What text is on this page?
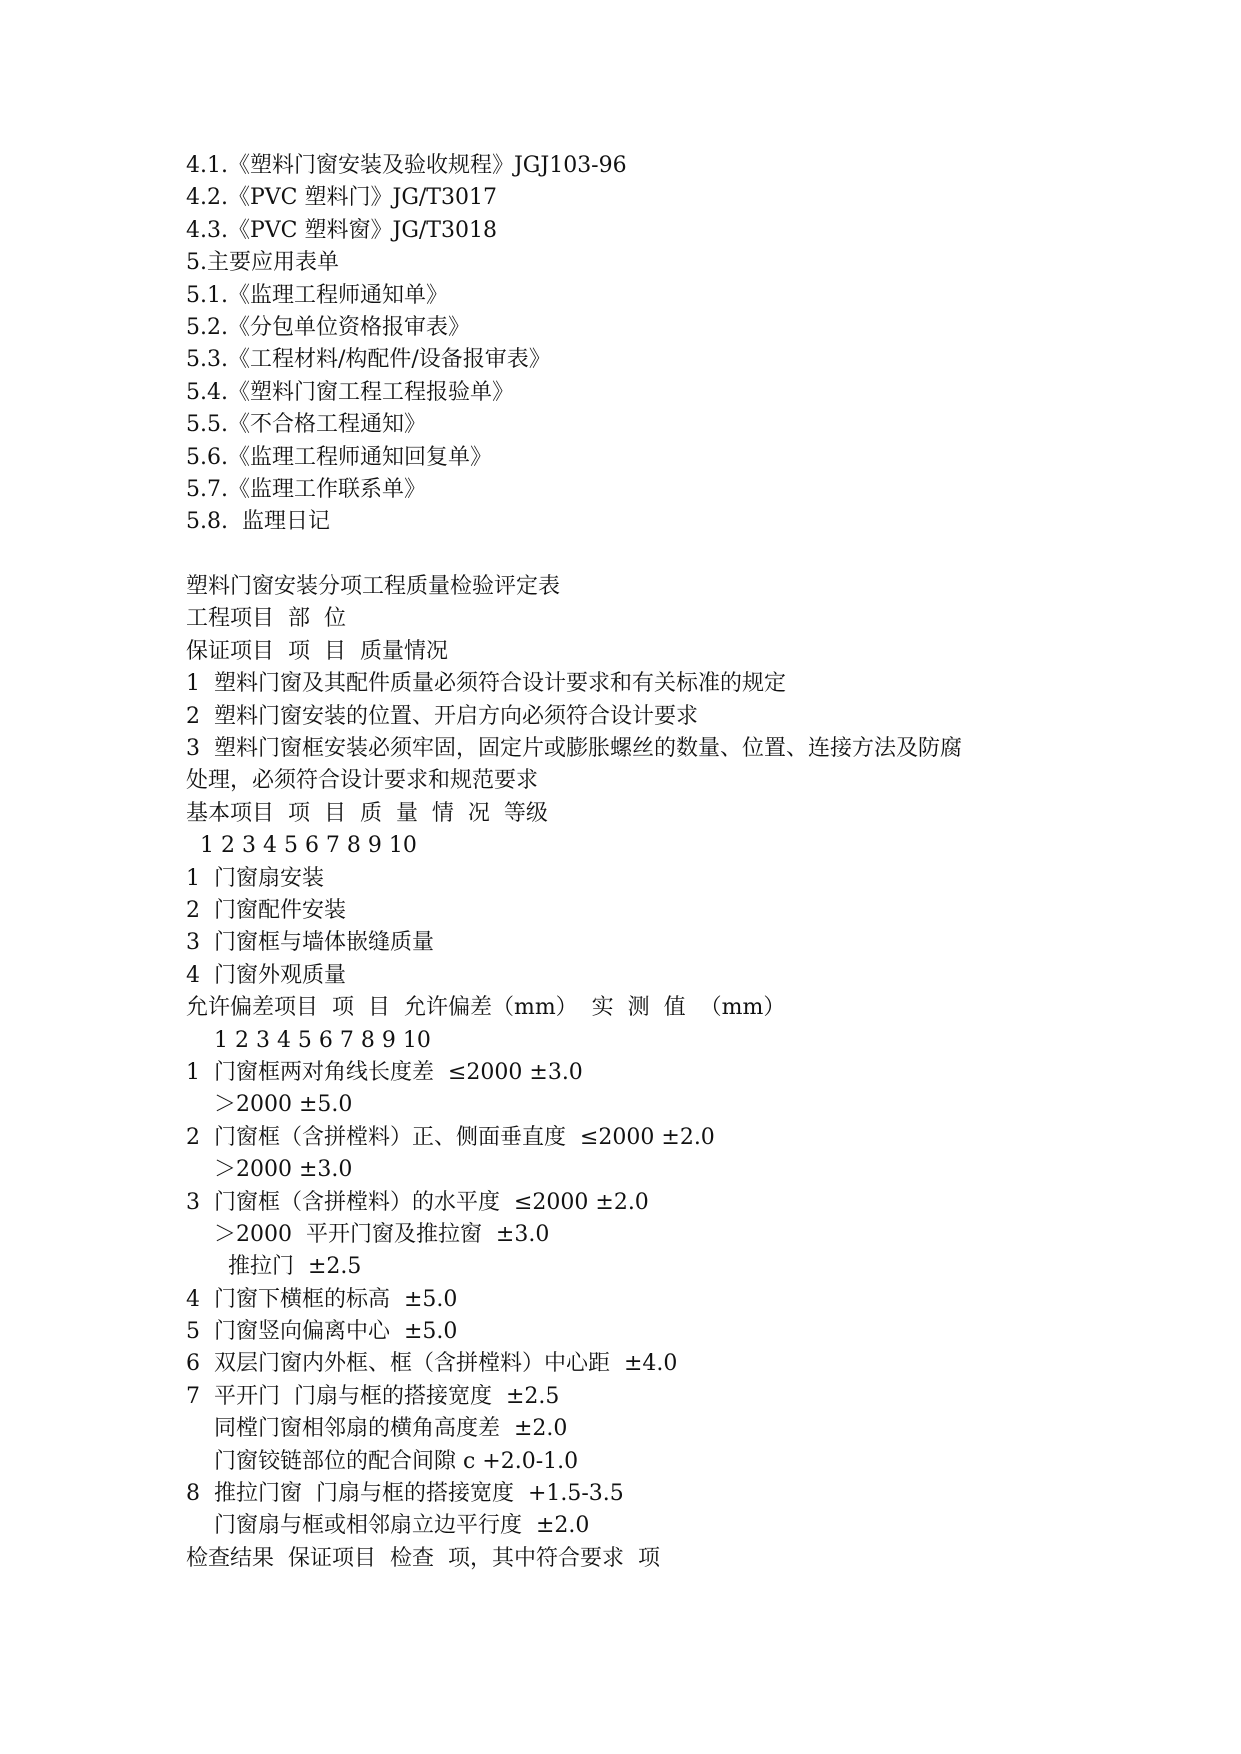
4.1.《塑料门窗安装及验收规程》JGJ103-96
4.2.《PVC 塑料门》JG/T3017
4.3.《PVC 塑料窗》JG/T3018
5.主要应用表单
5.1.《监理工程师通知单》
5.2.《分包单位资格报审表》
5.3.《工程材料/构配件/设备报审表》
5.4.《塑料门窗工程工程报验单》
5.5.《不合格工程通知》
5.6.《监理工程师通知回复单》
5.7.《监理工作联系单》
5.8.  监理日记
塑料门窗安装分项工程质量检验评定表
工程项目  部  位
保证项目  项  目  质量情况
1  塑料门窗及其配件质量必须符合设计要求和有关标准的规定
2  塑料门窗安装的位置、开启方向必须符合设计要求
3  塑料门窗框安装必须牢固，固定片或膨胀螺丝的数量、位置、连接方法及防腐
处理，必须符合设计要求和规范要求
基本项目  项  目  质  量  情  况  等级
1 2 3 4 5 6 7 8 9 10
1  门窗扇安装
2  门窗配件安装
3  门窗框与墙体嵌缝质量
4  门窗外观质量
允许偏差项目  项  目  允许偏差（mm）  实  测  值  （mm）
1 2 3 4 5 6 7 8 9 10
1  门窗框两对角线长度差  ≤2000 ±3.0
＞2000 ±5.0
2  门窗框（含拼樘料）正、侧面垂直度  ≤2000 ±2.0
＞2000 ±3.0
3  门窗框（含拼樘料）的水平度  ≤2000 ±2.0
＞2000  平开门窗及推拉窗  ±3.0
推拉门  ±2.5
4  门窗下横框的标高  ±5.0
5  门窗竖向偏离中心  ±5.0
6  双层门窗内外框、框（含拼樘料）中心距  ±4.0
7  平开门  门扇与框的搭接宽度  ±2.5
同樘门窗相邻扇的横角高度差  ±2.0
门窗铰链部位的配合间隙 c +2.0-1.0
8  推拉门窗  门扇与框的搭接宽度  +1.5-3.5
门窗扇与框或相邻扇立边平行度  ±2.0
检查结果  保证项目  检查  项，其中符合要求  项
